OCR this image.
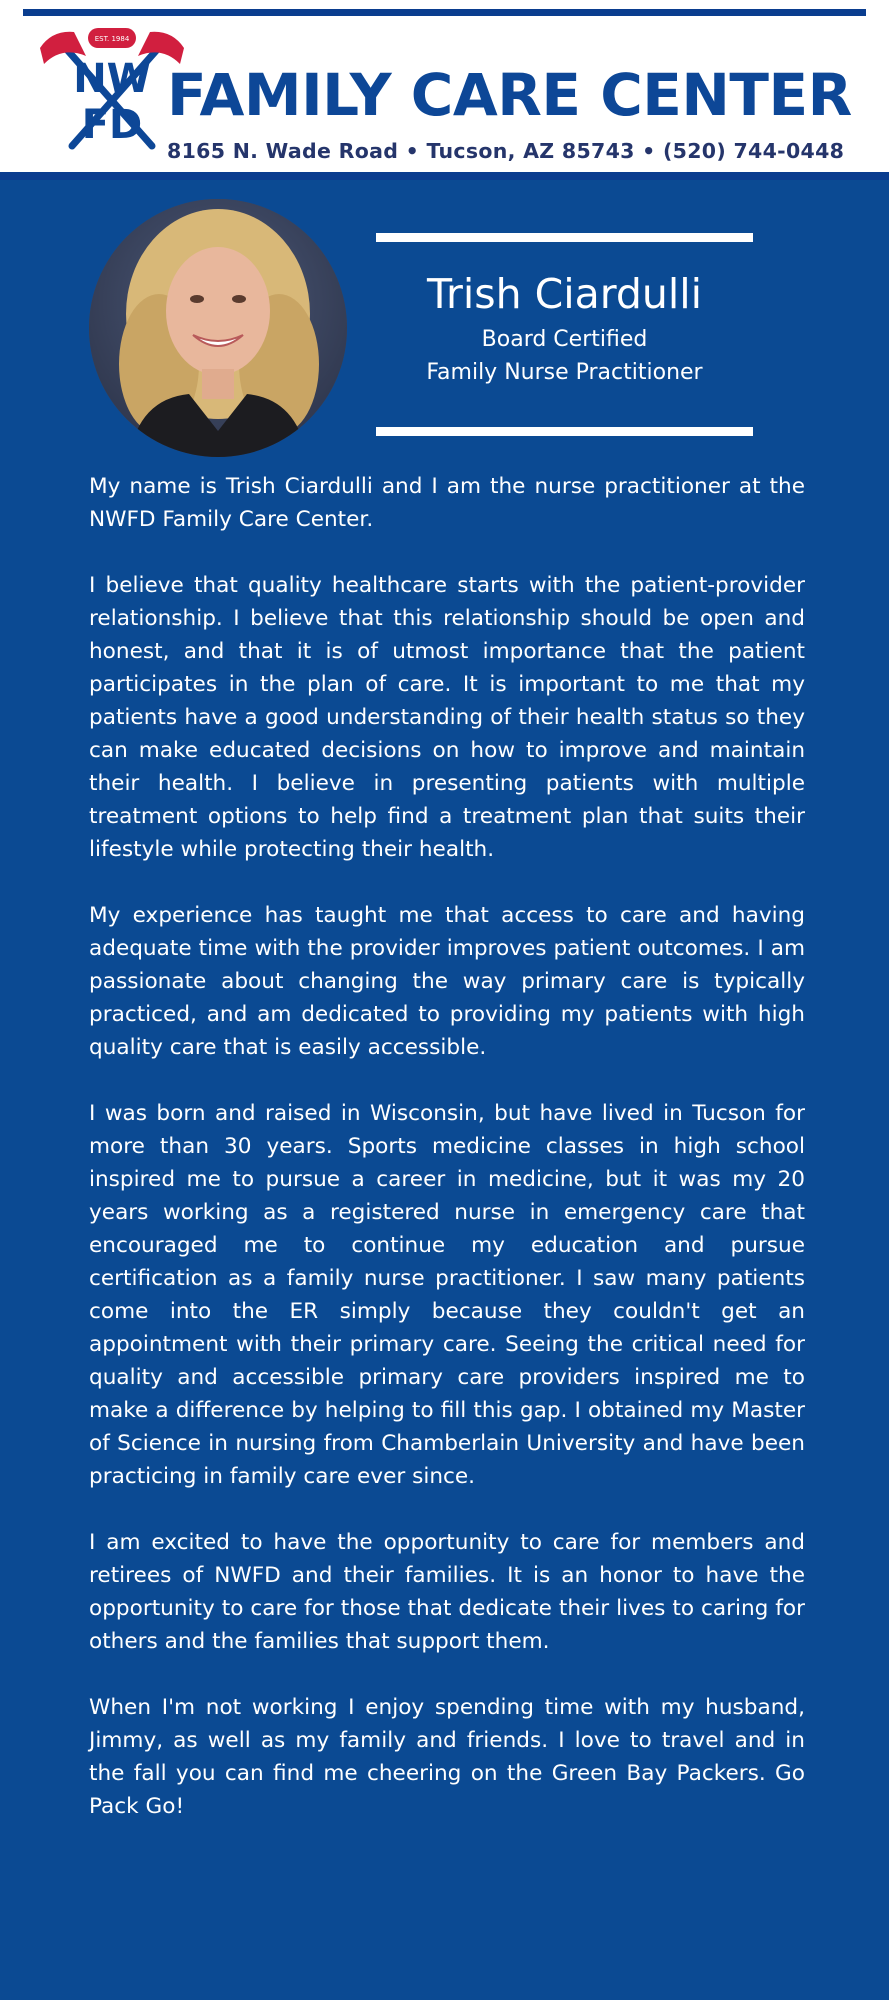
EST. 1984
NW
FD FAMILY CARE CENTER
8165 N. Wade Road • Tucson, AZ 85743 • (520) 744-0448
Trish Ciardulli
Board Certified
Family Nurse Practitioner

My name is Trish Ciardulli and I am the nurse practitioner at the NWFD Family Care Center.

I believe that quality healthcare starts with the patient-provider relationship. I believe that this relationship should be open and honest, and that it is of utmost importance that the patient participates in the plan of care. It is important to me that my patients have a good understanding of their health status so they can make educated decisions on how to improve and maintain their health. I believe in presenting patients with multiple treatment options to help find a treatment plan that suits their lifestyle while protecting their health.

My experience has taught me that access to care and having adequate time with the provider improves patient outcomes. I am passionate about changing the way primary care is typically practiced, and am dedicated to providing my patients with high quality care that is easily accessible.

I was born and raised in Wisconsin, but have lived in Tucson for more than 30 years. Sports medicine classes in high school inspired me to pursue a career in medicine, but it was my 20 years working as a registered nurse in emergency care that encouraged me to continue my education and pursue certification as a family nurse practitioner. I saw many patients come into the ER simply because they couldn't get an appointment with their primary care. Seeing the critical need for quality and accessible primary care providers inspired me to make a difference by helping to fill this gap. I obtained my Master of Science in nursing from Chamberlain University and have been practicing in family care ever since.

I am excited to have the opportunity to care for members and retirees of NWFD and their families. It is an honor to have the opportunity to care for those that dedicate their lives to caring for others and the families that support them.

When I'm not working I enjoy spending time with my husband, Jimmy, as well as my family and friends. I love to travel and in the fall you can find me cheering on the Green Bay Packers. Go Pack Go!
